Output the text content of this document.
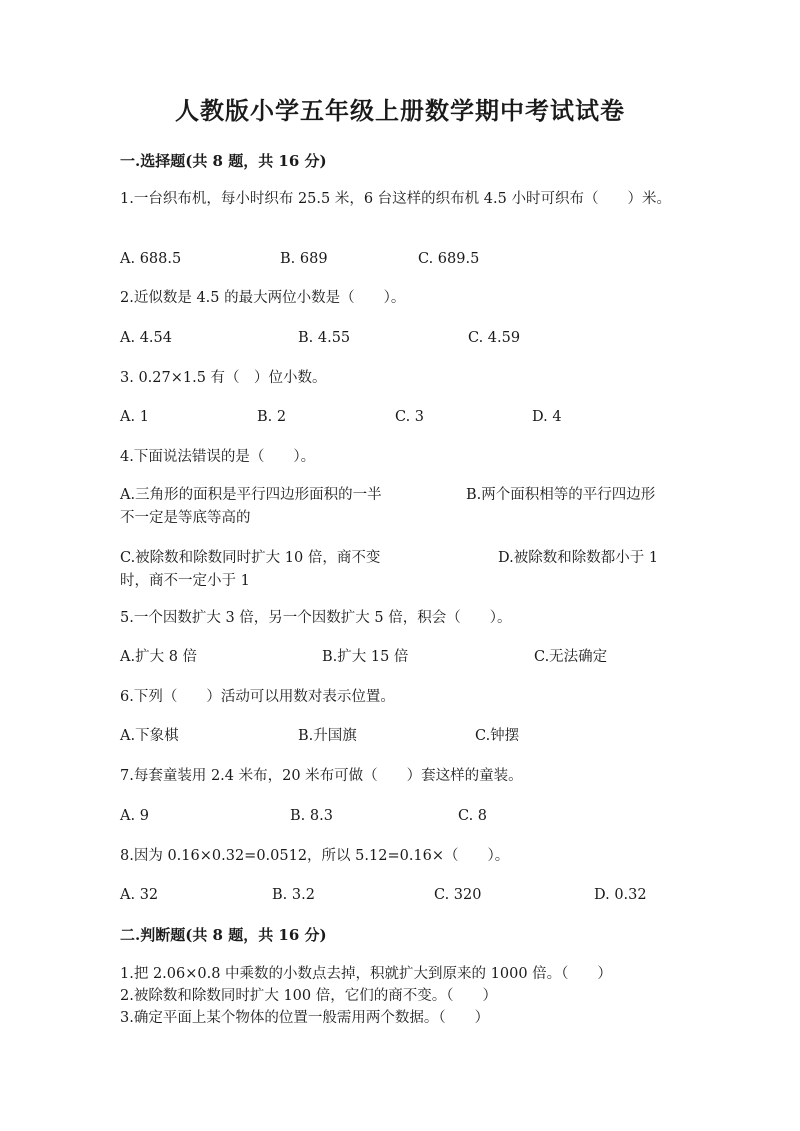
人教版小学五年级上册数学期中考试试卷
一.选择题(共 8 题，共 16 分)
1.一台织布机，每小时织布 25.5 米，6 台这样的织布机 4.5 小时可织布（　　）米。
A. 688.5	B. 689	C. 689.5
2.近似数是 4.5 的最大两位小数是（　　）。
A. 4.54	B. 4.55	C. 4.59
3. 0.27×1.5 有（　）位小数。
A. 1	B. 2	C. 3	D. 4
4.下面说法错误的是（　　）。
A.三角形的面积是平行四边形面积的一半	B.两个面积相等的平行四边形
不一定是等底等高的
C.被除数和除数同时扩大 10 倍，商不变	D.被除数和除数都小于 1
时，商不一定小于 1
5.一个因数扩大 3 倍，另一个因数扩大 5 倍，积会（　　）。
A.扩大 8 倍	B.扩大 15 倍	C.无法确定
6.下列（　　）活动可以用数对表示位置。
A.下象棋	B.升国旗	C.钟摆
7.每套童装用 2.4 米布，20 米布可做（　　）套这样的童装。
A. 9	B. 8.3	C. 8
8.因为 0.16×0.32=0.0512，所以 5.12=0.16×（　　）。
A. 32	B. 3.2	C. 320	D. 0.32
二.判断题(共 8 题，共 16 分)
1.把 2.06×0.8 中乘数的小数点去掉，积就扩大到原来的 1000 倍。（　　）
2.被除数和除数同时扩大 100 倍，它们的商不变。（　　）
3.确定平面上某个物体的位置一般需用两个数据。（　　）
